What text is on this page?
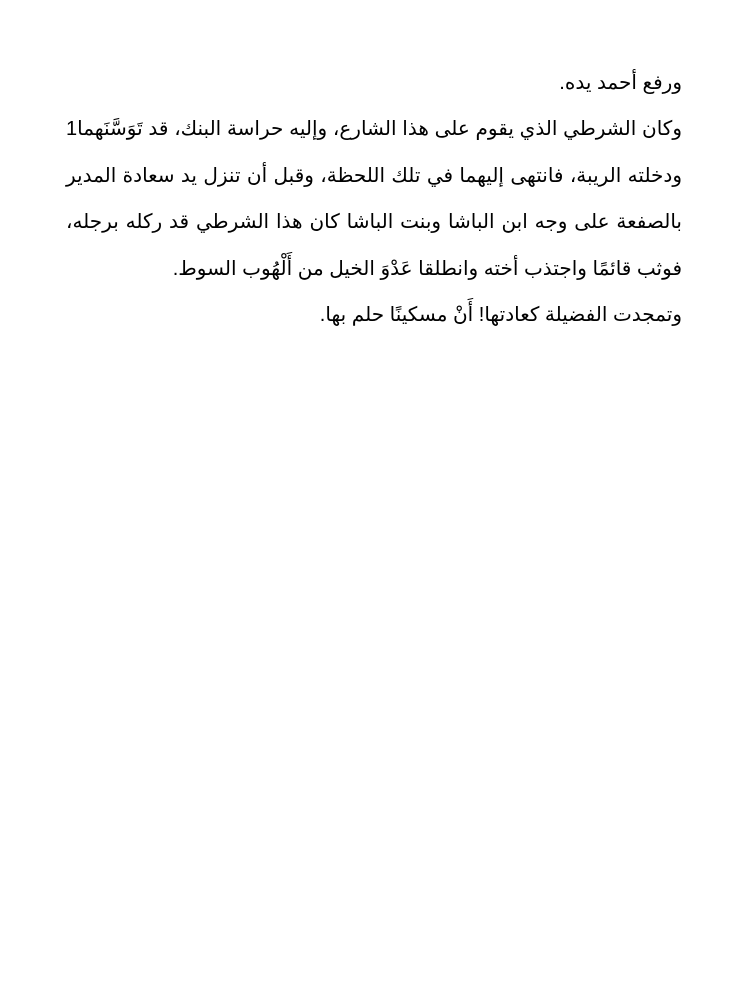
ورفع أحمد يده.

وكان الشرطي الذي يقوم على هذا الشارع، وإليه حراسة البنك، قد تَوَسَّنَهما1 ودخلته الريبة، فانتهى إليهما في تلك اللحظة، وقبل أن تنزل يد سعادة المدير بالصفعة على وجه ابن الباشا وبنت الباشا كان هذا الشرطي قد ركله برجله، فوثب قائمًا واجتذب أخته وانطلقا عَدْوَ الخيل من أَلْهُوب السوط.

وتمجدت الفضيلة كعادتها! أَنْ مسكينًا حلم بها.
